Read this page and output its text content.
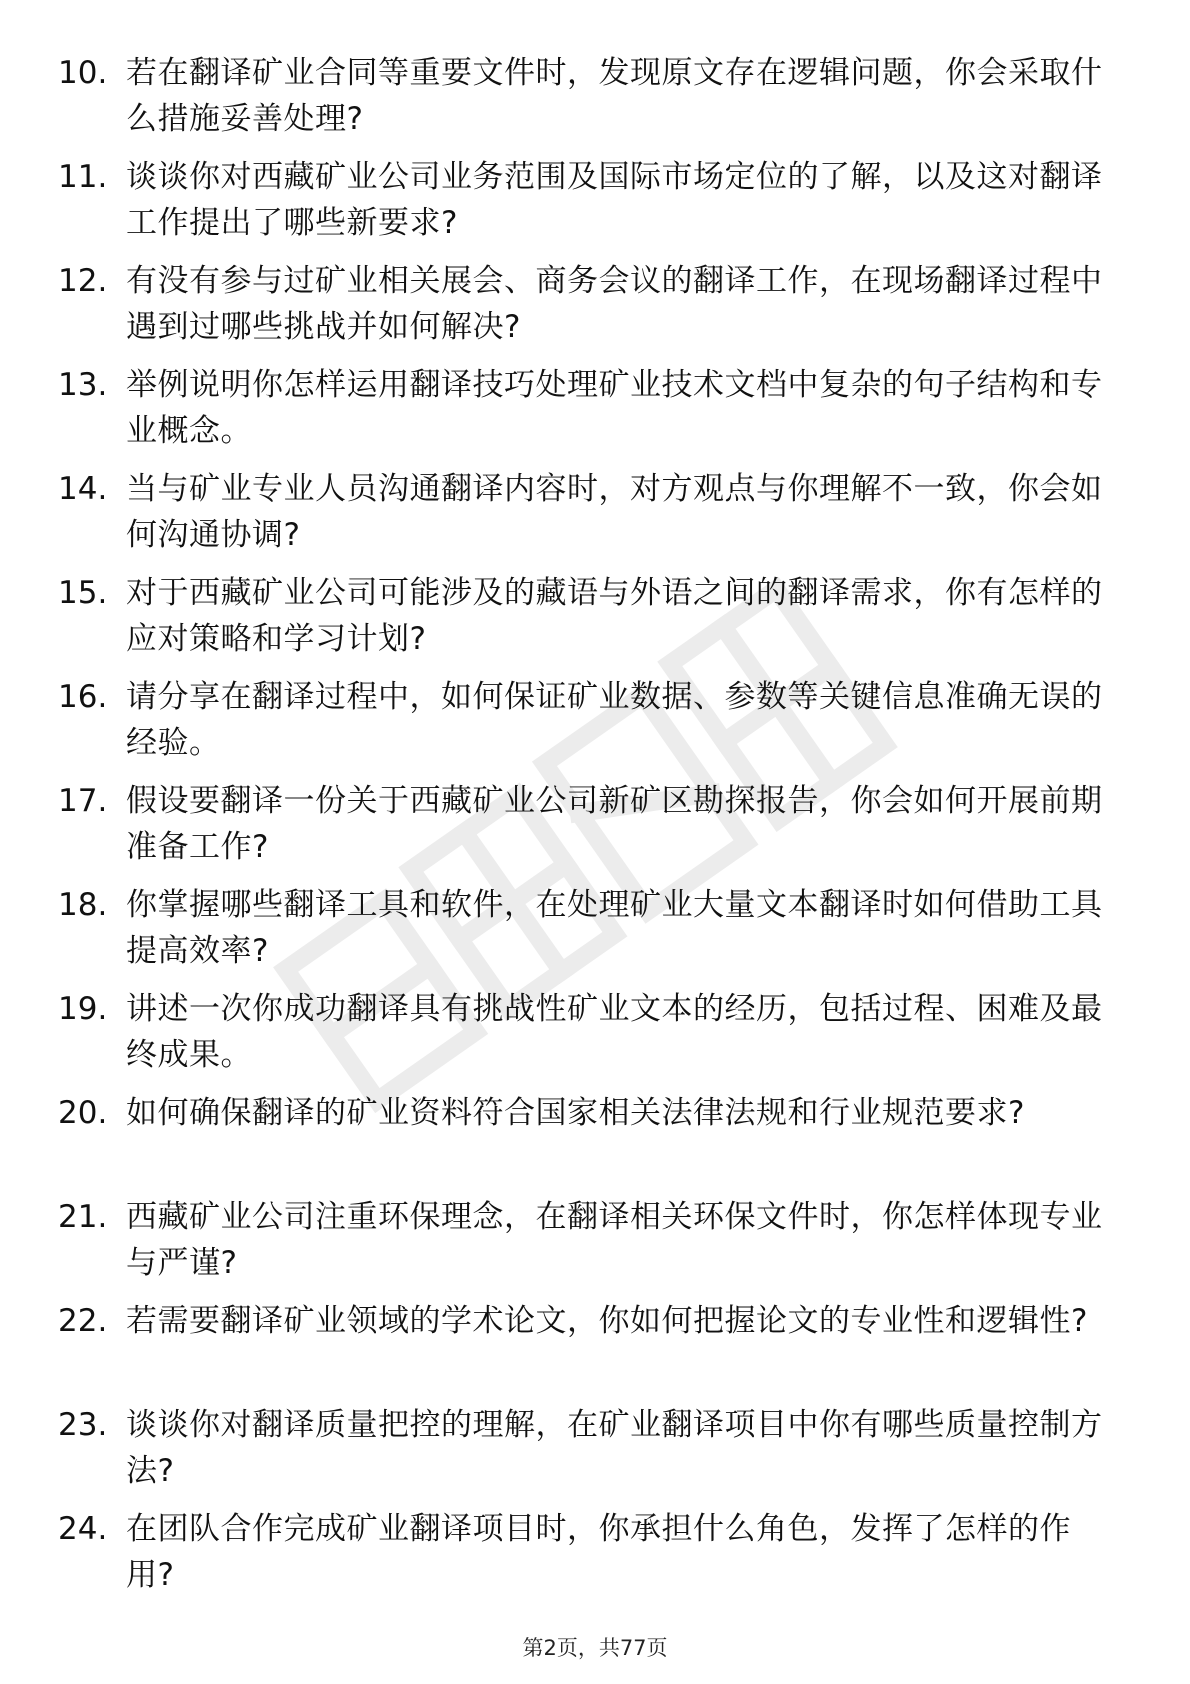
10. 若在翻译矿业合同等重要文件时，发现原文存在逻辑问题，你会采取什么措施妥善处理?
11. 谈谈你对西藏矿业公司业务范围及国际市场定位的了解，以及这对翻译工作提出了哪些新要求?
12. 有没有参与过矿业相关展会、商务会议的翻译工作，在现场翻译过程中遇到过哪些挑战并如何解决?
13. 举例说明你怎样运用翻译技巧处理矿业技术文档中复杂的句子结构和专业概念。
14. 当与矿业专业人员沟通翻译内容时，对方观点与你理解不一致，你会如何沟通协调?
15. 对于西藏矿业公司可能涉及的藏语与外语之间的翻译需求，你有怎样的应对策略和学习计划?
16. 请分享在翻译过程中，如何保证矿业数据、参数等关键信息准确无误的经验。
17. 假设要翻译一份关于西藏矿业公司新矿区勘探报告，你会如何开展前期准备工作?
18. 你掌握哪些翻译工具和软件，在处理矿业大量文本翻译时如何借助工具提高效率?
19. 讲述一次你成功翻译具有挑战性矿业文本的经历，包括过程、困难及最终成果。
20. 如何确保翻译的矿业资料符合国家相关法律法规和行业规范要求?
21. 西藏矿业公司注重环保理念，在翻译相关环保文件时，你怎样体现专业与严谨?
22. 若需要翻译矿业领域的学术论文，你如何把握论文的专业性和逻辑性?
23. 谈谈你对翻译质量把控的理解，在矿业翻译项目中你有哪些质量控制方法?
24. 在团队合作完成矿业翻译项目时，你承担什么角色，发挥了怎样的作用?
第2页，共77页
